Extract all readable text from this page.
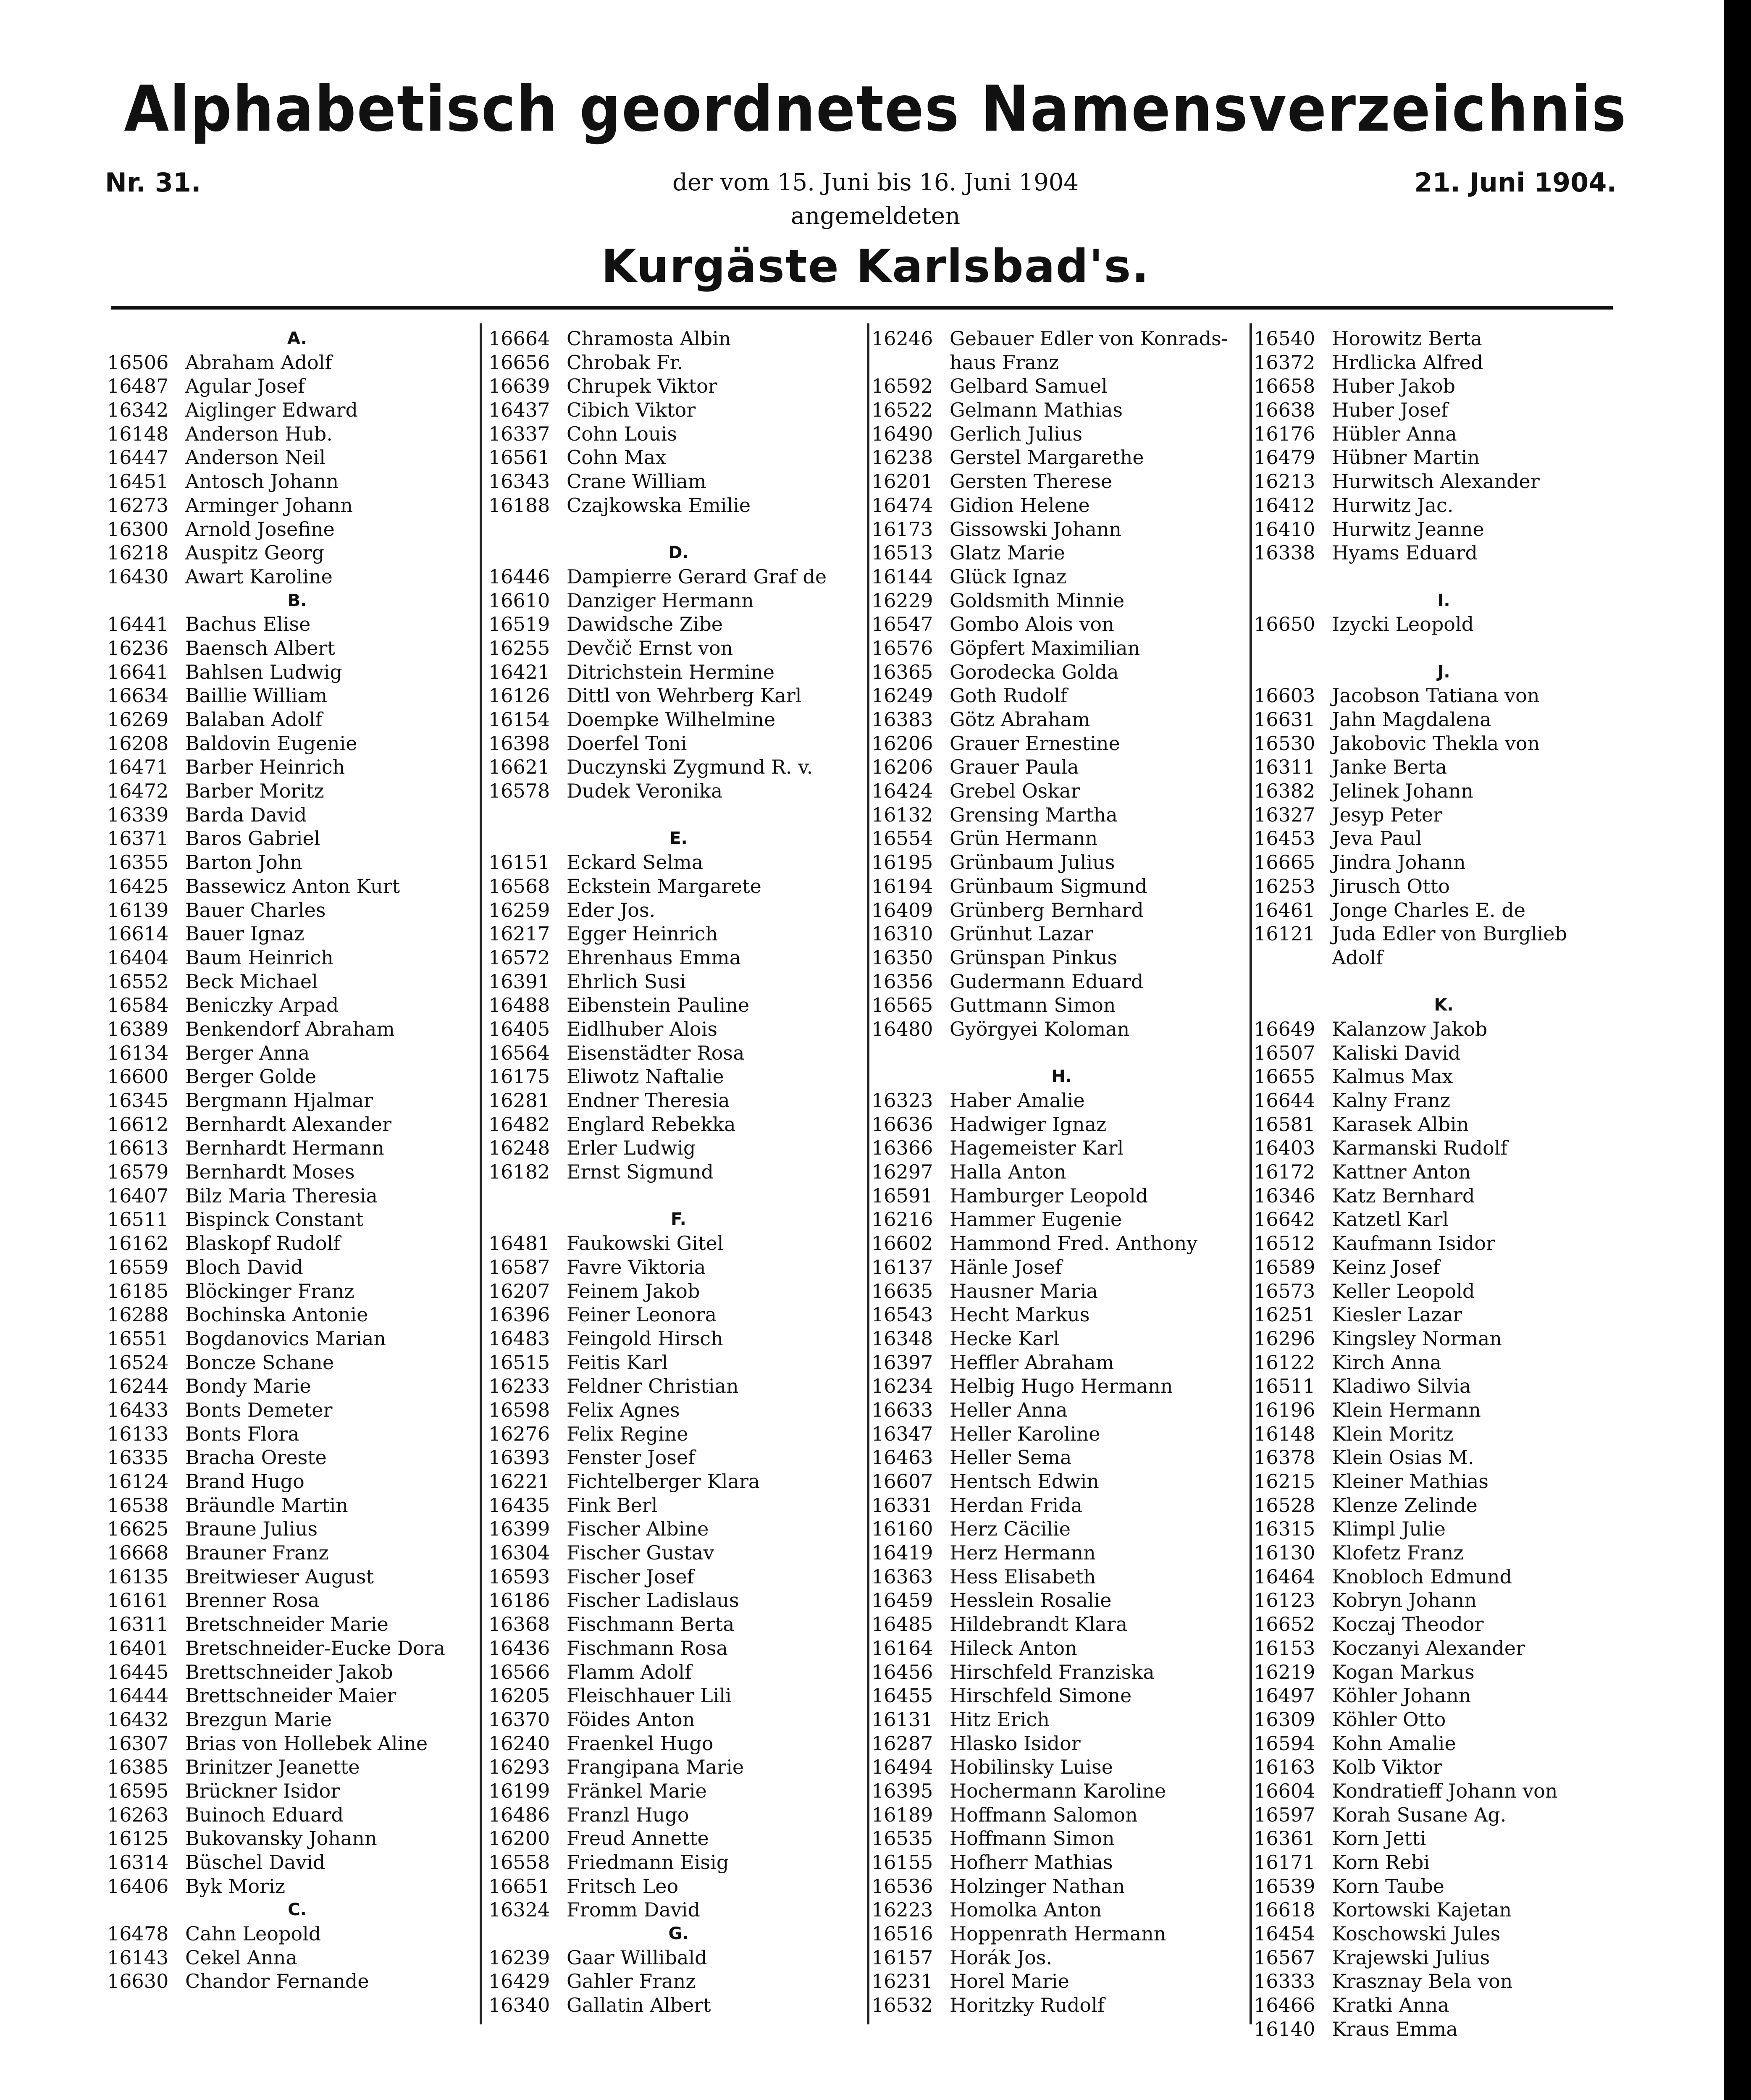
Alphabetisch geordnetes Namensverzeichnis
Nr. 31.	der vom 15. Juni bis 16. Juni 1904	21. Juni 1904.
angemeldeten
Kurgäste Karlsbad's.
A.
16506 Abraham Adolf
16487 Agular Josef
16342 Aiglinger Edward
16148 Anderson Hub.
16447 Anderson Neil
16451 Antosch Johann
16273 Arminger Johann
16300 Arnold Josefine
16218 Auspitz Georg
16430 Awart Karoline
B.
16441 Bachus Elise
16236 Baensch Albert
16641 Bahlsen Ludwig
16634 Baillie William
16269 Balaban Adolf
16208 Baldovin Eugenie
16471 Barber Heinrich
16472 Barber Moritz
16339 Barda David
16371 Baros Gabriel
16355 Barton John
16425 Bassewicz Anton Kurt
16139 Bauer Charles
16614 Bauer Ignaz
16404 Baum Heinrich
16552 Beck Michael
16584 Beniczky Arpad
16389 Benkendorf Abraham
16134 Berger Anna
16600 Berger Golde
16345 Bergmann Hjalmar
16612 Bernhardt Alexander
16613 Bernhardt Hermann
16579 Bernhardt Moses
16407 Bilz Maria Theresia
16511 Bispinck Constant
16162 Blaskopf Rudolf
16559 Bloch David
16185 Blöckinger Franz
16288 Bochinska Antonie
16551 Bogdanovics Marian
16524 Boncze Schane
16244 Bondy Marie
16433 Bonts Demeter
16133 Bonts Flora
16335 Bracha Oreste
16124 Brand Hugo
16538 Bräundle Martin
16625 Braune Julius
16668 Brauner Franz
16135 Breitwieser August
16161 Brenner Rosa
16311 Bretschneider Marie
16401 Bretschneider-Eucke Dora
16445 Brettschneider Jakob
16444 Brettschneider Maier
16432 Brezgun Marie
16307 Brias von Hollebek Aline
16385 Brinitzer Jeanette
16595 Brückner Isidor
16263 Buinoch Eduard
16125 Bukovansky Johann
16314 Büschel David
16406 Byk Moriz
C.
16478 Cahn Leopold
16143 Cekel Anna
16630 Chandor Fernande
16664 Chramosta Albin
16656 Chrobak Fr.
16639 Chrupek Viktor
16437 Cibich Viktor
16337 Cohn Louis
16561 Cohn Max
16343 Crane William
16188 Czajkowska Emilie
D.
16446 Dampierre Gerard Graf de
16610 Danziger Hermann
16519 Dawidsche Zibe
16255 Devčič Ernst von
16421 Ditrichstein Hermine
16126 Dittl von Wehrberg Karl
16154 Doempke Wilhelmine
16398 Doerfel Toni
16621 Duczynski Zygmund R. v.
16578 Dudek Veronika
E.
16151 Eckard Selma
16568 Eckstein Margarete
16259 Eder Jos.
16217 Egger Heinrich
16572 Ehrenhaus Emma
16391 Ehrlich Susi
16488 Eibenstein Pauline
16405 Eidlhuber Alois
16564 Eisenstädter Rosa
16175 Eliwotz Naftalie
16281 Endner Theresia
16482 Englard Rebekka
16248 Erler Ludwig
16182 Ernst Sigmund
F.
16481 Faukowski Gitel
16587 Favre Viktoria
16207 Feinem Jakob
16396 Feiner Leonora
16483 Feingold Hirsch
16515 Feitis Karl
16233 Feldner Christian
16598 Felix Agnes
16276 Felix Regine
16393 Fenster Josef
16221 Fichtelberger Klara
16435 Fink Berl
16399 Fischer Albine
16304 Fischer Gustav
16593 Fischer Josef
16186 Fischer Ladislaus
16368 Fischmann Berta
16436 Fischmann Rosa
16566 Flamm Adolf
16205 Fleischhauer Lili
16370 Föides Anton
16240 Fraenkel Hugo
16293 Frangipana Marie
16199 Fränkel Marie
16486 Franzl Hugo
16200 Freud Annette
16558 Friedmann Eisig
16651 Fritsch Leo
16324 Fromm David
G.
16239 Gaar Willibald
16429 Gahler Franz
16340 Gallatin Albert
16246 Gebauer Edler von Konrads-
haus Franz
16592 Gelbard Samuel
16522 Gelmann Mathias
16490 Gerlich Julius
16238 Gerstel Margarethe
16201 Gersten Therese
16474 Gidion Helene
16173 Gissowski Johann
16513 Glatz Marie
16144 Glück Ignaz
16229 Goldsmith Minnie
16547 Gombo Alois von
16576 Göpfert Maximilian
16365 Gorodecka Golda
16249 Goth Rudolf
16383 Götz Abraham
16206 Grauer Ernestine
16206 Grauer Paula
16424 Grebel Oskar
16132 Grensing Martha
16554 Grün Hermann
16195 Grünbaum Julius
16194 Grünbaum Sigmund
16409 Grünberg Bernhard
16310 Grünhut Lazar
16350 Grünspan Pinkus
16356 Gudermann Eduard
16565 Guttmann Simon
16480 Györgyei Koloman
H.
16323 Haber Amalie
16636 Hadwiger Ignaz
16366 Hagemeister Karl
16297 Halla Anton
16591 Hamburger Leopold
16216 Hammer Eugenie
16602 Hammond Fred. Anthony
16137 Hänle Josef
16635 Hausner Maria
16543 Hecht Markus
16348 Hecke Karl
16397 Heffler Abraham
16234 Helbig Hugo Hermann
16633 Heller Anna
16347 Heller Karoline
16463 Heller Sema
16607 Hentsch Edwin
16331 Herdan Frida
16160 Herz Cäcilie
16419 Herz Hermann
16363 Hess Elisabeth
16459 Hesslein Rosalie
16485 Hildebrandt Klara
16164 Hileck Anton
16456 Hirschfeld Franziska
16455 Hirschfeld Simone
16131 Hitz Erich
16287 Hlasko Isidor
16494 Hobilinsky Luise
16395 Hochermann Karoline
16189 Hoffmann Salomon
16535 Hoffmann Simon
16155 Hofherr Mathias
16536 Holzinger Nathan
16223 Homolka Anton
16516 Hoppenrath Hermann
16157 Horák Jos.
16231 Horel Marie
16532 Horitzky Rudolf
16540 Horowitz Berta
16372 Hrdlicka Alfred
16658 Huber Jakob
16638 Huber Josef
16176 Hübler Anna
16479 Hübner Martin
16213 Hurwitsch Alexander
16412 Hurwitz Jac.
16410 Hurwitz Jeanne
16338 Hyams Eduard
I.
16650 Izycki Leopold
J.
16603 Jacobson Tatiana von
16631 Jahn Magdalena
16530 Jakobovic Thekla von
16311 Janke Berta
16382 Jelinek Johann
16327 Jesyp Peter
16453 Jeva Paul
16665 Jindra Johann
16253 Jirusch Otto
16461 Jonge Charles E. de
16121 Juda Edler von Burglieb
Adolf
K.
16649 Kalanzow Jakob
16507 Kaliski David
16655 Kalmus Max
16644 Kalny Franz
16581 Karasek Albin
16403 Karmanski Rudolf
16172 Kattner Anton
16346 Katz Bernhard
16642 Katzetl Karl
16512 Kaufmann Isidor
16589 Keinz Josef
16573 Keller Leopold
16251 Kiesler Lazar
16296 Kingsley Norman
16122 Kirch Anna
16511 Kladiwo Silvia
16196 Klein Hermann
16148 Klein Moritz
16378 Klein Osias M.
16215 Kleiner Mathias
16528 Klenze Zelinde
16315 Klimpl Julie
16130 Klofetz Franz
16464 Knobloch Edmund
16123 Kobryn Johann
16652 Koczaj Theodor
16153 Koczanyi Alexander
16219 Kogan Markus
16497 Köhler Johann
16309 Köhler Otto
16594 Kohn Amalie
16163 Kolb Viktor
16604 Kondratieff Johann von
16597 Korah Susane Ag.
16361 Korn Jetti
16171 Korn Rebi
16539 Korn Taube
16618 Kortowski Kajetan
16454 Koschowski Jules
16567 Krajewski Julius
16333 Krasznay Bela von
16466 Kratki Anna
16140 Kraus Emma
